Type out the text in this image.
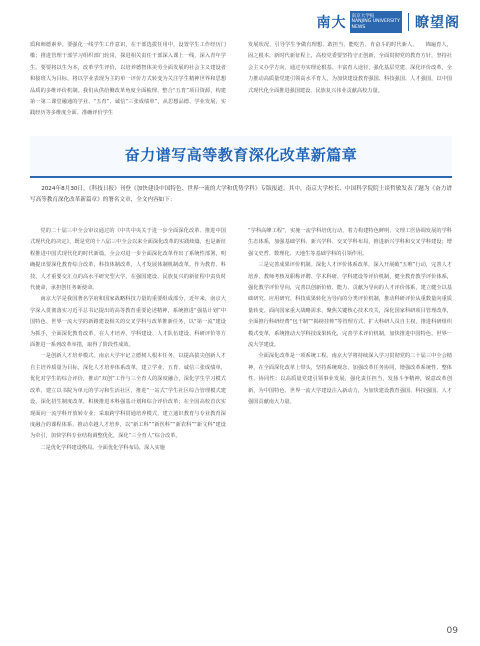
南大 南京大学报
NANJING UNIVERSITY
NEWS	瞭望阁

质和师德素养。要强化一线学生工作意识，在干部选拔任用中，设置学生工作经历门槛；推进管理干部学习组织部门轮岗，探进相关责任干部深入课上一线，深入青年学生。要要将以生为本，改革学生评价，以培养德智体美劳全面发展的社会主义建设者和接班人为目标，将以学业表现为主的单一评价方式转变为关注学生精神世界和思想品质的多维评价机制。我们从供给侧改革角度全面梳理、整合“五育”项目资源，构建第一第二课堂融通的学业、“五育”、诚信“三张成绩单”，从思想品德、学业发展、实践经历等多维度全面、准确评价学生

发展状况，引导学生争做有理想、敢担当、能吃苦、肯奋斗的时代新人。　　锦遍育人，固之根本。新时代新征程上，高校党委要坚持守正创新，全面贯彻党的教育方针，坚持社会主义办学方向，通过夯实理论根基、丰富育人途径、强化基层党建、深化评价改革，全力推动高质量党建引领高水平育人，为加快建设教育强国、科技强国、人才强国，以中国式现代化全面推进强国建设、民族复兴伟业贡献高校力量。

奋力谱写高等教育深化改革新篇章

2024年8月30日，《科技日报》刊登《加快建设中国特色、世界一流的大学和优势学科》专版报道。其中，南京大学校长、中国科学院院士谈哲敏发表了题为《奋力谱写高等教育深化改革新篇章》的署名文章，全文内容如下：

党的二十届三中全会审议通过的《中共中央关于进一步全面深化改革、推进中国式现代化的决定》，既是党的十八届三中全会以来全面深化改革的实践续篇，也是新征程推进中国式现代化的时代新篇。全会对进一步全面深化改革作出了系统性部署，明确提出要深化教育综合改革，科技体制改革，人才发展体制机制改革。作为教育、科技、人才重要交汇点的高水平研究型大学，在强国建设、民族复兴的新征程中责负时代使命，承担创任务新使命。

南京大学是我国著名学府和国家战略科技力量的重要组成部分，近年来，南京大学深入贯彻落实习近平总书记提出的高等教育重要论述精神，系统推进“强基计划”中国特色、世界一流大学的新路建设相关的交叉学科与改革推新任务，以“第一流”建设为抓手，全面深化教育改革。在人才培养、学科建设、人才队伍建设、科研评价等方面推进一系列改革举措，取得了阶段性成效。

一是创新人才培养模式。南京大学牢记立德树人根本任务，以提高拔尖创新人才自主培养质量为目标，深化人才培养体系改革，建立学业、五育、诚信三张成绩单，优化对学生的综合评价，推动“双创”工作与三全育人的深度融合，深化学生学习模式改革，建立以书院为单元的学习和生活社区，推进“一站式”学生社区综合管理模式建设，深化招生制度改革，积极推进本科强基计划和综合评价改革；在全国高校首次实现面向一流学科开放转专业；采取跨学科贯通培养模式，建立通识教育与专业教育深度融合的课程体系，推动卓越人才培养，以“新工科”“新医科”“新农科”“新文科”建设为牵引，加快学科专业结构调整优化，深化“三全育人”综合改革。

二是优化学科建设格局。全面优化学科布局，深入实施

“学科高峰工程”，实施一流学科培优行动，着力构建特色鲜明、文理工医协调发展的学科生态体系，加强基础学科、新兴学科、交叉学科布局，推进新兴学科和交叉学科建设；增强文史哲、数理化、天地生等基础学科的引领作用。

三是完善成果评价机制。深化人才评价体系改革，深入开展破“五唯”行动，完善人才培养、教师考核及职称评聘、学术科研、学科建设等评价机制，健全教育教学评价体系，强化教学评价导向，完善以创新价值、能力、贡献为导向的人才评价体系，建立健全以基础研究、应用研究、科技成果转化为导向的分类评价机制，推动科研评价从重数量向重质量转变。面向国家重大战略需求，聚焦关键核心技术攻关，深化国家科研项目管理改革，全面推行科研经费“包干制”“揭榜挂帅”等管理方式，扩大科研人员自主权，推进科研组织模式变革，系统推动大学科技成果转化，完善学术评价机制，加快推进中国特色、世界一流大学建设。

全面深化改革是一项系统工程。南京大学将持续深入学习贯彻党的二十届三中全会精神，在全面深化改革上带头，坚持系统观念，加强改革任务协同，增强改革系统性、整体性、协同性；以高质量党建引领事业发展，强化责任担当，发扬斗争精神，锐意改革创新，为中国特色、世界一流大学建设注入新动力，为加快建设教育强国、科技强国、人才强国贡献南大力量。

09
